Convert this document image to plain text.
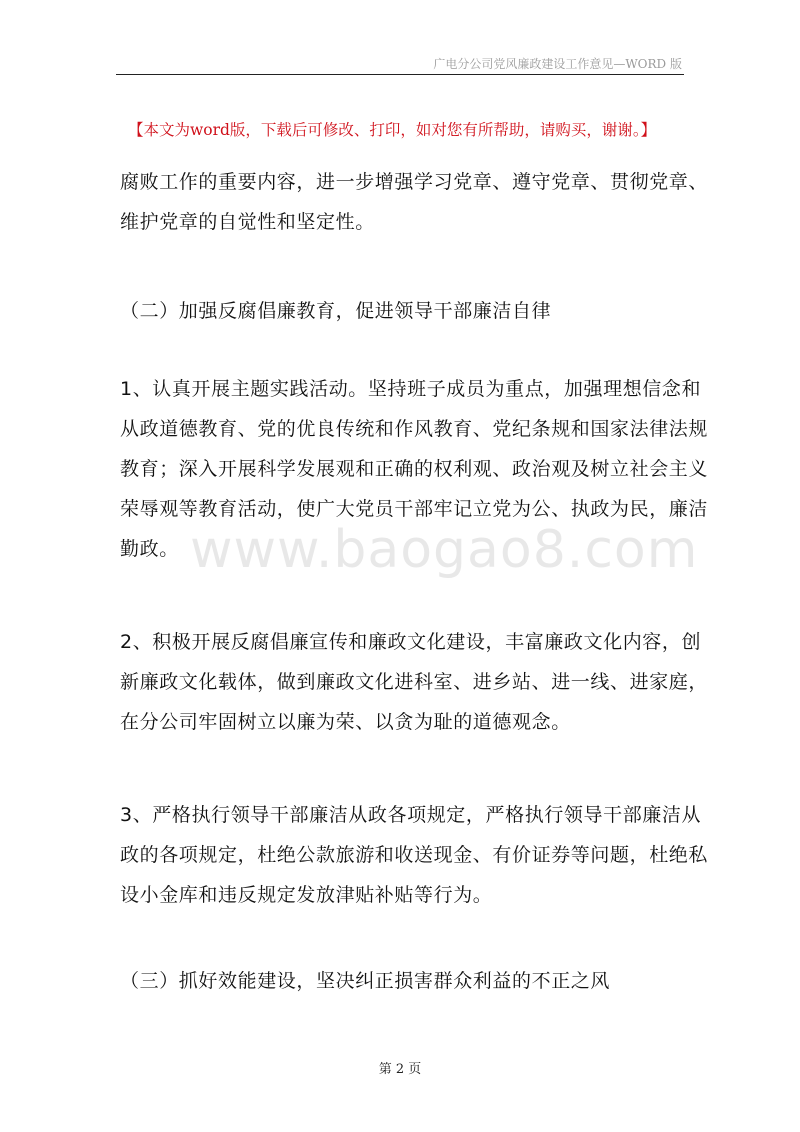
广电分公司党风廉政建设工作意见—WORD 版
【本文为word版，下载后可修改、打印，如对您有所帮助，请购买，谢谢。】
腐败工作的重要内容，进一步增强学习党章、遵守党章、贯彻党章、
维护党章的自觉性和坚定性。
（二）加强反腐倡廉教育，促进领导干部廉洁自律
1、认真开展主题实践活动。坚持班子成员为重点，加强理想信念和
从政道德教育、党的优良传统和作风教育、党纪条规和国家法律法规
教育；深入开展科学发展观和正确的权利观、政治观及树立社会主义
荣辱观等教育活动，使广大党员干部牢记立党为公、执政为民，廉洁
勤政。 www.baogao8.com
2、积极开展反腐倡廉宣传和廉政文化建设，丰富廉政文化内容，创
新廉政文化载体，做到廉政文化进科室、进乡站、进一线、进家庭，
在分公司牢固树立以廉为荣、以贪为耻的道德观念。
3、严格执行领导干部廉洁从政各项规定，严格执行领导干部廉洁从
政的各项规定，杜绝公款旅游和收送现金、有价证券等问题，杜绝私
设小金库和违反规定发放津贴补贴等行为。
（三）抓好效能建设，坚决纠正损害群众利益的不正之风
第 2 页
